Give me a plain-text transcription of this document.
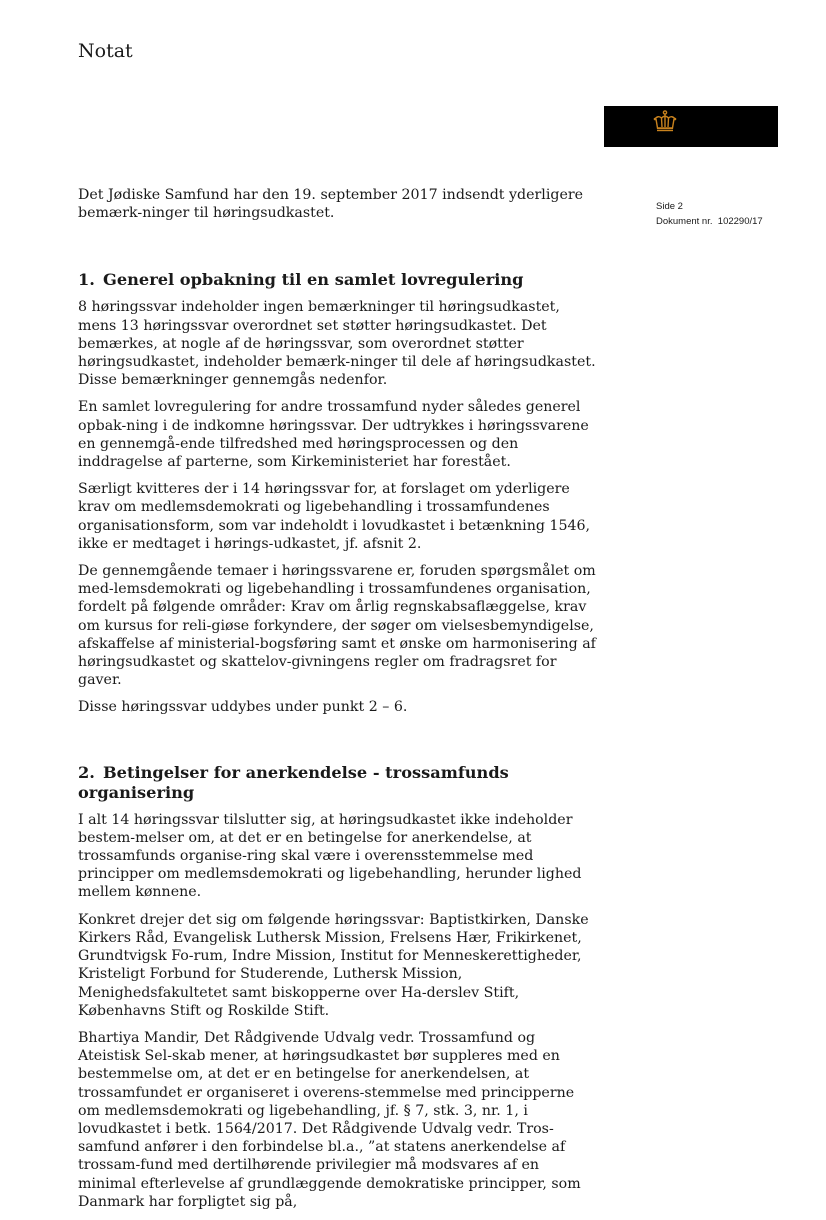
Notat
Side 2
Dokument nr. 102290/17

Det Jødiske Samfund har den 19. september 2017 indsendt yderligere bemærk-ninger til høringsudkastet.

1. Generel opbakning til en samlet lovregulering

8 høringssvar indeholder ingen bemærkninger til høringsudkastet, mens 13 høringssvar overordnet set støtter høringsudkastet. Det bemærkes, at nogle af de høringssvar, som overordnet støtter høringsudkastet, indeholder bemærk-ninger til dele af høringsudkastet. Disse bemærkninger gennemgås nedenfor.

En samlet lovregulering for andre trossamfund nyder således generel opbak-ning i de indkomne høringssvar. Der udtrykkes i høringssvarene en gennemgå-ende tilfredshed med høringsprocessen og den inddragelse af parterne, som Kirkeministeriet har forestået.

Særligt kvitteres der i 14 høringssvar for, at forslaget om yderligere krav om medlemsdemokrati og ligebehandling i trossamfundenes organisationsform, som var indeholdt i lovudkastet i betænkning 1546, ikke er medtaget i hørings-udkastet, jf. afsnit 2.

De gennemgående temaer i høringssvarene er, foruden spørgsmålet om med-lemsdemokrati og ligebehandling i trossamfundenes organisation, fordelt på følgende områder: Krav om årlig regnskabsaflæggelse, krav om kursus for reli-giøse forkyndere, der søger om vielsesbemyndigelse, afskaffelse af ministerial-bogsføring samt et ønske om harmonisering af høringsudkastet og skattelov-givningens regler om fradragsret for gaver.

Disse høringssvar uddybes under punkt 2 – 6.

2. Betingelser for anerkendelse - trossamfunds organisering

I alt 14 høringssvar tilslutter sig, at høringsudkastet ikke indeholder bestem-melser om, at det er en betingelse for anerkendelse, at trossamfunds organise-ring skal være i overensstemmelse med principper om medlemsdemokrati og ligebehandling, herunder lighed mellem kønnene.

Konkret drejer det sig om følgende høringssvar: Baptistkirken, Danske Kirkers Råd, Evangelisk Luthersk Mission, Frelsens Hær, Frikirkenet, Grundtvigsk Fo-rum, Indre Mission, Institut for Menneskerettigheder, Kristeligt Forbund for Studerende, Luthersk Mission, Menighedsfakultetet samt biskopperne over Ha-derslev Stift, Københavns Stift og Roskilde Stift.

Bhartiya Mandir, Det Rådgivende Udvalg vedr. Trossamfund og Ateistisk Sel-skab mener, at høringsudkastet bør suppleres med en bestemmelse om, at det er en betingelse for anerkendelsen, at trossamfundet er organiseret i overens-stemmelse med principperne om medlemsdemokrati og ligebehandling, jf. § 7, stk. 3, nr. 1, i lovudkastet i betk. 1564/2017. Det Rådgivende Udvalg vedr. Tros-samfund anfører i den forbindelse bl.a., ”at statens anerkendelse af trossam-fund med dertilhørende privilegier må modsvares af en minimal efterlevelse af grundlæggende demokratiske principper, som Danmark har forpligtet sig på,
